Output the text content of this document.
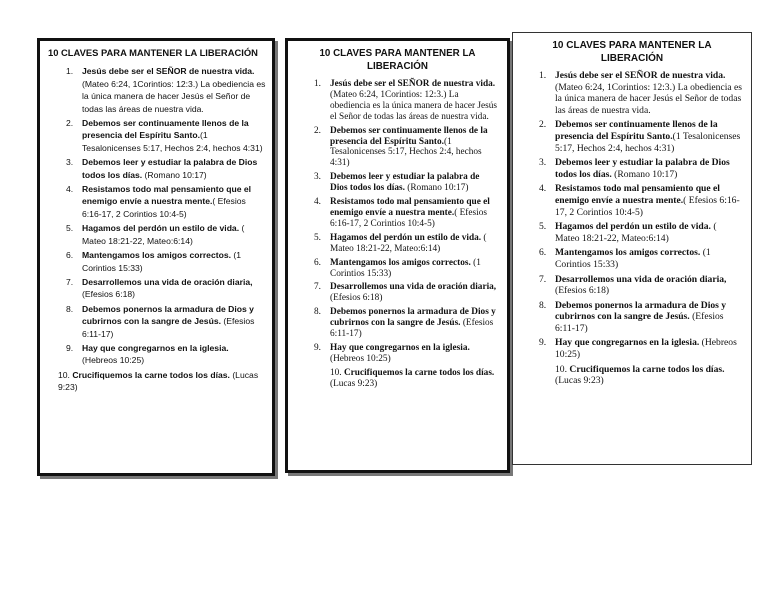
10 CLAVES PARA MANTENER LA LIBERACIÓN
1. Jesús debe ser el SEÑOR de nuestra vida. (Mateo 6:24, 1Corintios: 12:3.) La obediencia es la única manera de hacer Jesús el Señor de todas las áreas de nuestra vida.
2. Debemos ser continuamente llenos de la presencia del Espíritu Santo.(1 Tesalonicenses 5:17, Hechos 2:4, hechos 4:31)
3. Debemos leer y estudiar la palabra de Dios todos los días. (Romano 10:17)
4. Resistamos todo mal pensamiento que el enemigo envíe a nuestra mente.( Efesios 6:16-17, 2 Corintios 10:4-5)
5. Hagamos del perdón un estilo de vida. ( Mateo 18:21-22, Mateo:6:14)
6. Mantengamos los amigos correctos. (1 Corintios 15:33)
7. Desarrollemos una vida de oración diaria, (Efesios 6:18)
8. Debemos ponernos la armadura de Dios y cubrirnos con la sangre de Jesús. (Efesios 6:11-17)
9. Hay que congregarnos en la iglesia. (Hebreos 10:25)
10. Crucifiquemos la carne todos los días. (Lucas 9:23)
10 CLAVES PARA MANTENER LA LIBERACIÓN
1. Jesús debe ser el SEÑOR de nuestra vida. (Mateo 6:24, 1Corintios: 12:3.) La obediencia es la única manera de hacer Jesús el Señor de todas las áreas de nuestra vida.
2. Debemos ser continuamente llenos de la presencia del Espíritu Santo.(1 Tesalonicenses 5:17, Hechos 2:4, hechos 4:31)
3. Debemos leer y estudiar la palabra de Dios todos los días. (Romano 10:17)
4. Resistamos todo mal pensamiento que el enemigo envíe a nuestra mente.( Efesios 6:16-17, 2 Corintios 10:4-5)
5. Hagamos del perdón un estilo de vida. ( Mateo 18:21-22, Mateo:6:14)
6. Mantengamos los amigos correctos. (1 Corintios 15:33)
7. Desarrollemos una vida de oración diaria, (Efesios 6:18)
8. Debemos ponernos la armadura de Dios y cubrirnos con la sangre de Jesús. (Efesios 6:11-17)
9. Hay que congregarnos en la iglesia. (Hebreos 10:25)
10. Crucifiquemos la carne todos los días. (Lucas 9:23)
10 CLAVES PARA MANTENER LA LIBERACIÓN
1. Jesús debe ser el SEÑOR de nuestra vida. (Mateo 6:24, 1Corintios: 12:3.) La obediencia es la única manera de hacer Jesús el Señor de todas las áreas de nuestra vida.
2. Debemos ser continuamente llenos de la presencia del Espíritu Santo.(1 Tesalonicenses 5:17, Hechos 2:4, hechos 4:31)
3. Debemos leer y estudiar la palabra de Dios todos los días. (Romano 10:17)
4. Resistamos todo mal pensamiento que el enemigo envíe a nuestra mente.( Efesios 6:16-17, 2 Corintios 10:4-5)
5. Hagamos del perdón un estilo de vida. ( Mateo 18:21-22, Mateo:6:14)
6. Mantengamos los amigos correctos. (1 Corintios 15:33)
7. Desarrollemos una vida de oración diaria, (Efesios 6:18)
8. Debemos ponernos la armadura de Dios y cubrirnos con la sangre de Jesús. (Efesios 6:11-17)
9. Hay que congregarnos en la iglesia. (Hebreos 10:25)
10. Crucifiquemos la carne todos los días. (Lucas 9:23)
